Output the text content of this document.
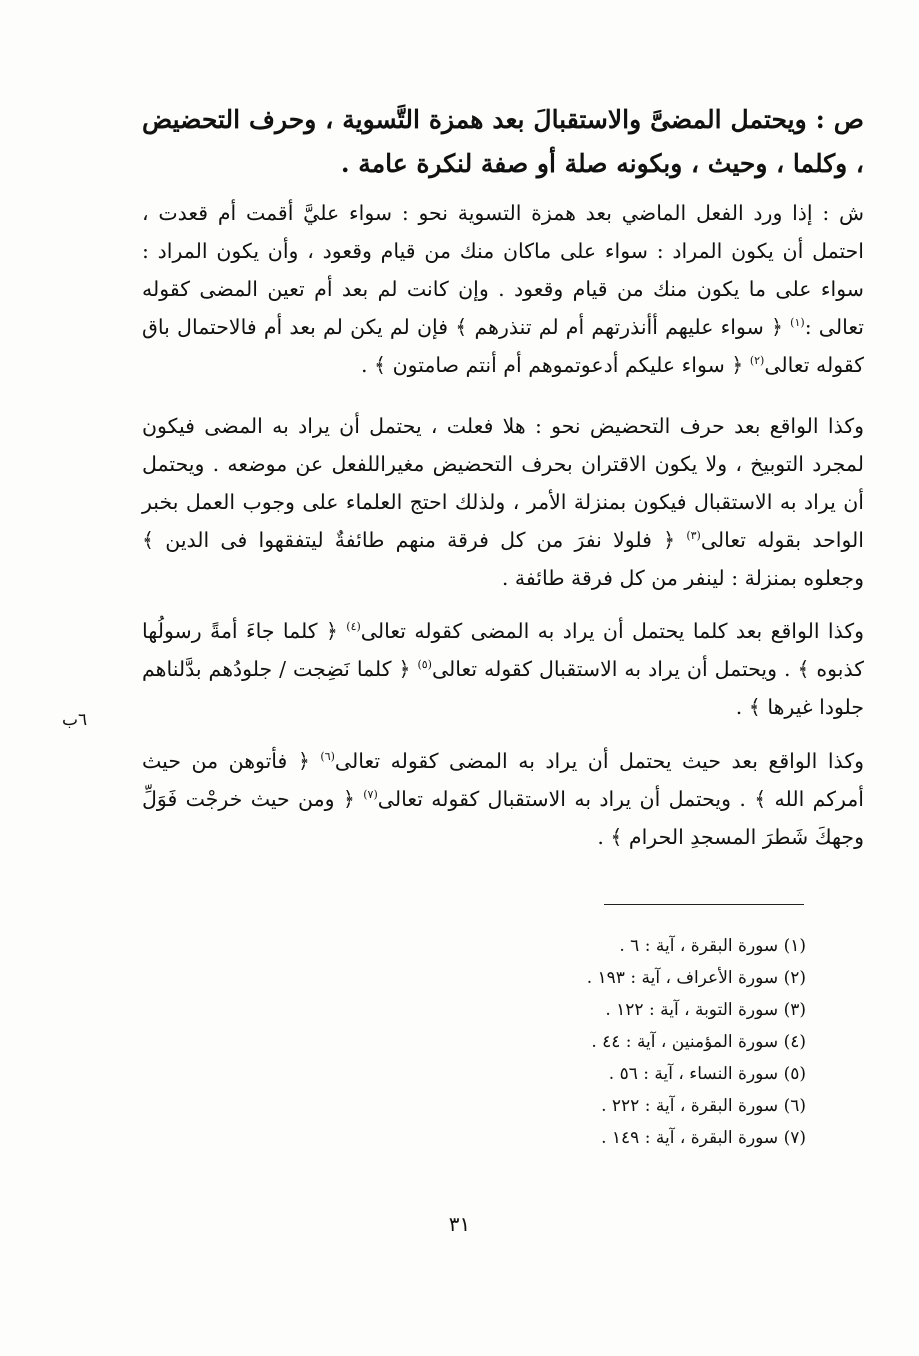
ص : ويحتمل المضىَّ والاستقبالَ بعد همزة التَّسوية ، وحرف التحضيض ، وكلما ، وحيث ، وبكونه صلة أو صفة لنكرة عامة .
ش : إذا ورد الفعل الماضي بعد همزة التسوية نحو : سواء عليَّ أقمت أم قعدت ، احتمل أن يكون المراد : سواء على ماكان منك من قيام وقعود ، وأن يكون المراد : سواء على ما يكون منك من قيام وقعود . وإن كانت لم بعد أم تعين المضى كقوله تعالى :$^{(١)}$ ﴿ سواء عليهم أأنذرتهم أم لم تنذرهم ﴾ فإن لم يكن لم بعد أم فالاحتمال باق كقوله تعالى$^{(٢)}$ ﴿ سواء عليكم أدعوتموهم أم أنتم صامتون ﴾ .
وكذا الواقع بعد حرف التحضيض نحو : هلا فعلت ، يحتمل أن يراد به المضى فيكون لمجرد التوبيخ ، ولا يكون الاقتران بحرف التحضيض مغيراللفعل عن موضعه . ويحتمل أن يراد به الاستقبال فيكون بمنزلة الأمر ، ولذلك احتج العلماء على وجوب العمل بخبر الواحد بقوله تعالى$^{(٣)}$ ﴿ فلولا نفرَ من كل فرقة منهم طائفةٌ ليتفقهوا فى الدين ﴾ وجعلوه بمنزلة : لينفر من كل فرقة طائفة .
وكذا الواقع بعد كلما يحتمل أن يراد به المضى كقوله تعالى$^{(٤)}$ ﴿ كلما جاءَ أمةً رسولُها كذبوه ﴾ . ويحتمل أن يراد به الاستقبال كقوله تعالى$^{(٥)}$ ﴿ كلما نَضِجت / جلودُهم بدَّلناهم جلودا غيرها ﴾ .
٦ب
وكذا الواقع بعد حيث يحتمل أن يراد به المضى كقوله تعالى$^{(٦)}$ ﴿ فأتوهن من حيث أمركم الله ﴾ . ويحتمل أن يراد به الاستقبال كقوله تعالى$^{(٧)}$ ﴿ ومن حيث خرجْت فَوَلِّ وجهكَ شَطرَ المسجدِ الحرام ﴾ .
(١) سورة البقرة ، آية : ٦ .
(٢) سورة الأعراف ، آية : ١٩٣ .
(٣) سورة التوبة ، آية : ١٢٢ .
(٤) سورة المؤمنين ، آية : ٤٤ .
(٥) سورة النساء ، آية : ٥٦ .
(٦) سورة البقرة ، آية : ٢٢٢ .
(٧) سورة البقرة ، آية : ١٤٩ .
٣١
